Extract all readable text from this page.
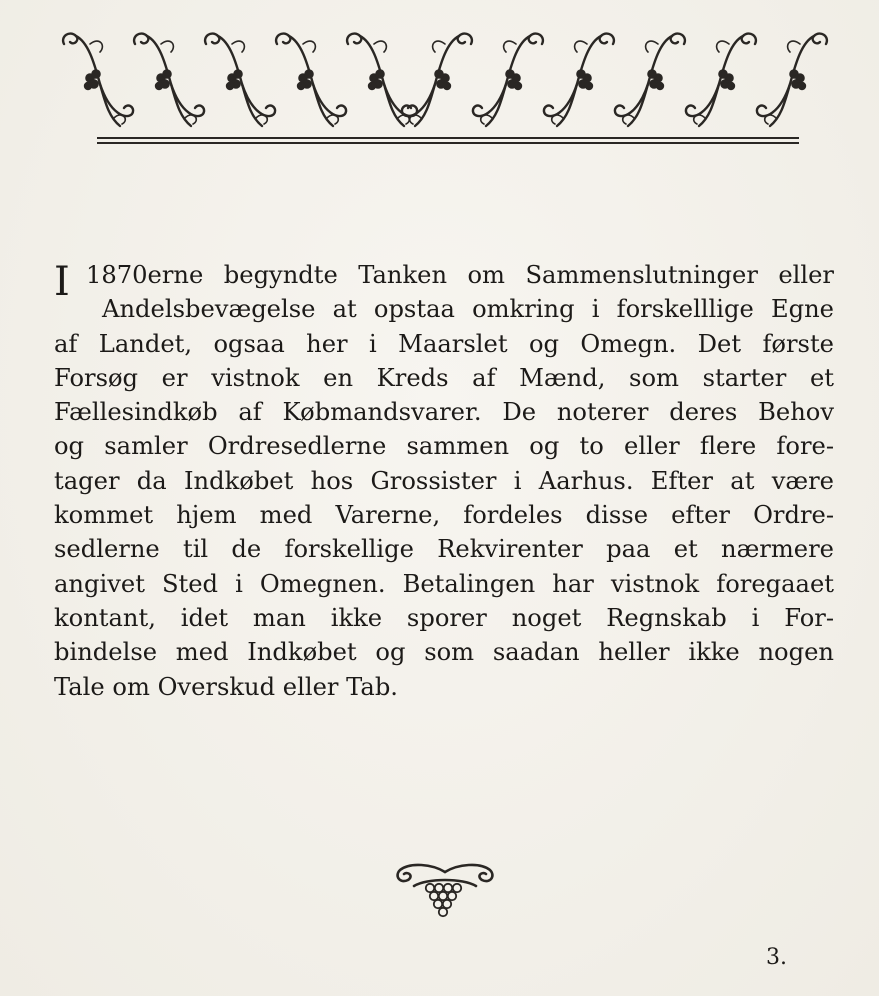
I 1870erne begyndte Tanken om Sammenslutninger eller
Andelsbevægelse at opstaa omkring i forskelllige Egne
af Landet, ogsaa her i Maarslet og Omegn. Det første
Forsøg er vistnok en Kreds af Mænd, som starter et
Fællesindkøb af Købmandsvarer. De noterer deres Behov
og samler Ordresedlerne sammen og to eller flere fore-
tager da Indkøbet hos Grossister i Aarhus. Efter at være
kommet hjem med Varerne, fordeles disse efter Ordre-
sedlerne til de forskellige Rekvirenter paa et nærmere
angivet Sted i Omegnen. Betalingen har vistnok foregaaet
kontant, idet man ikke sporer noget Regnskab i For-
bindelse med Indkøbet og som saadan heller ikke nogen
Tale om Overskud eller Tab.
3.
